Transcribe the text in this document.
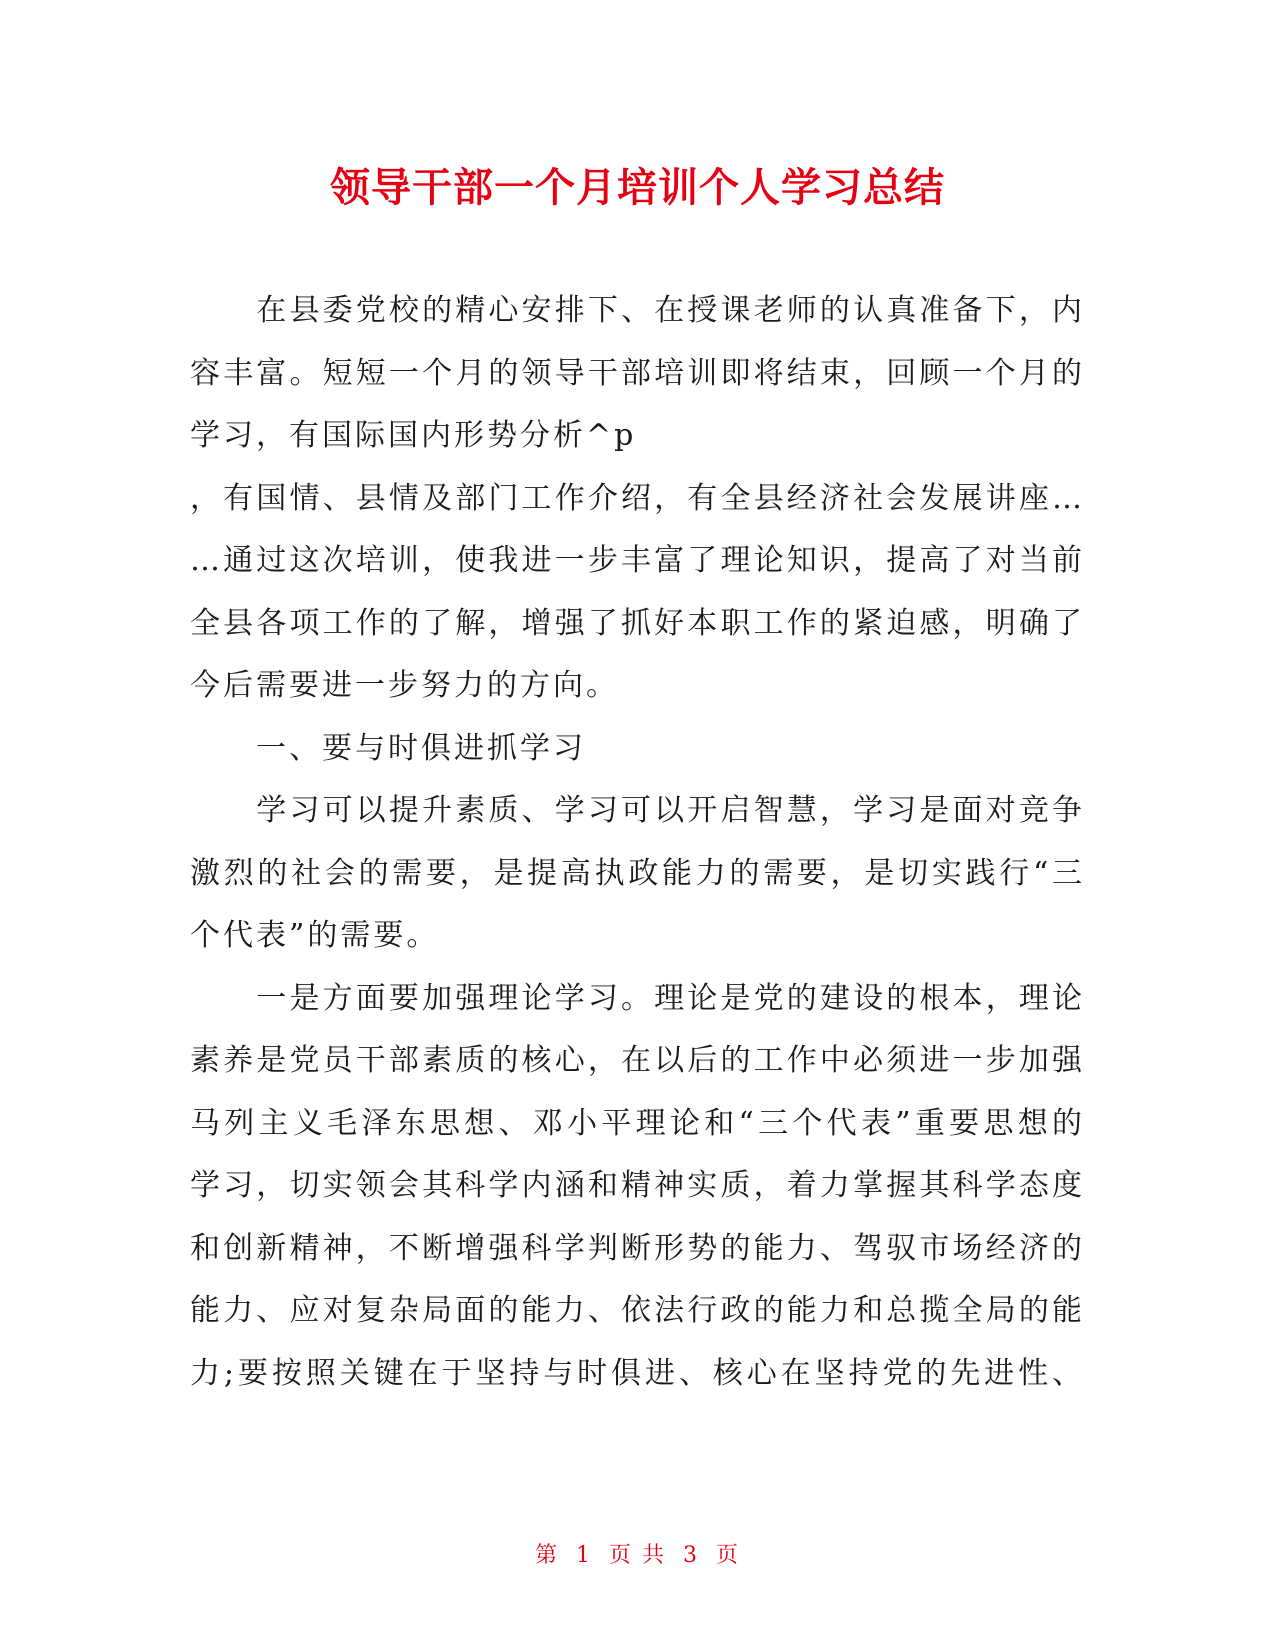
领导干部一个月培训个人学习总结
　　在县委党校的精心安排下、在授课老师的认真准备下，内
容丰富。短短一个月的领导干部培训即将结束，回顾一个月的
学习，有国际国内形势分析^p
，有国情、县情及部门工作介绍，有全县经济社会发展讲座…
…通过这次培训，使我进一步丰富了理论知识，提高了对当前
全县各项工作的了解，增强了抓好本职工作的紧迫感，明确了
今后需要进一步努力的方向。
　　一、要与时俱进抓学习
　　学习可以提升素质、学习可以开启智慧，学习是面对竞争
激烈的社会的需要，是提高执政能力的需要，是切实践行“三
个代表”的需要。
　　一是方面要加强理论学习。理论是党的建设的根本，理论
素养是党员干部素质的核心，在以后的工作中必须进一步加强
马列主义毛泽东思想、邓小平理论和“三个代表”重要思想的
学习，切实领会其科学内涵和精神实质，着力掌握其科学态度
和创新精神，不断增强科学判断形势的能力、驾驭市场经济的
能力、应对复杂局面的能力、依法行政的能力和总揽全局的能
力;要按照关键在于坚持与时俱进、核心在坚持党的先进性、
第 1 页 共 3 页
